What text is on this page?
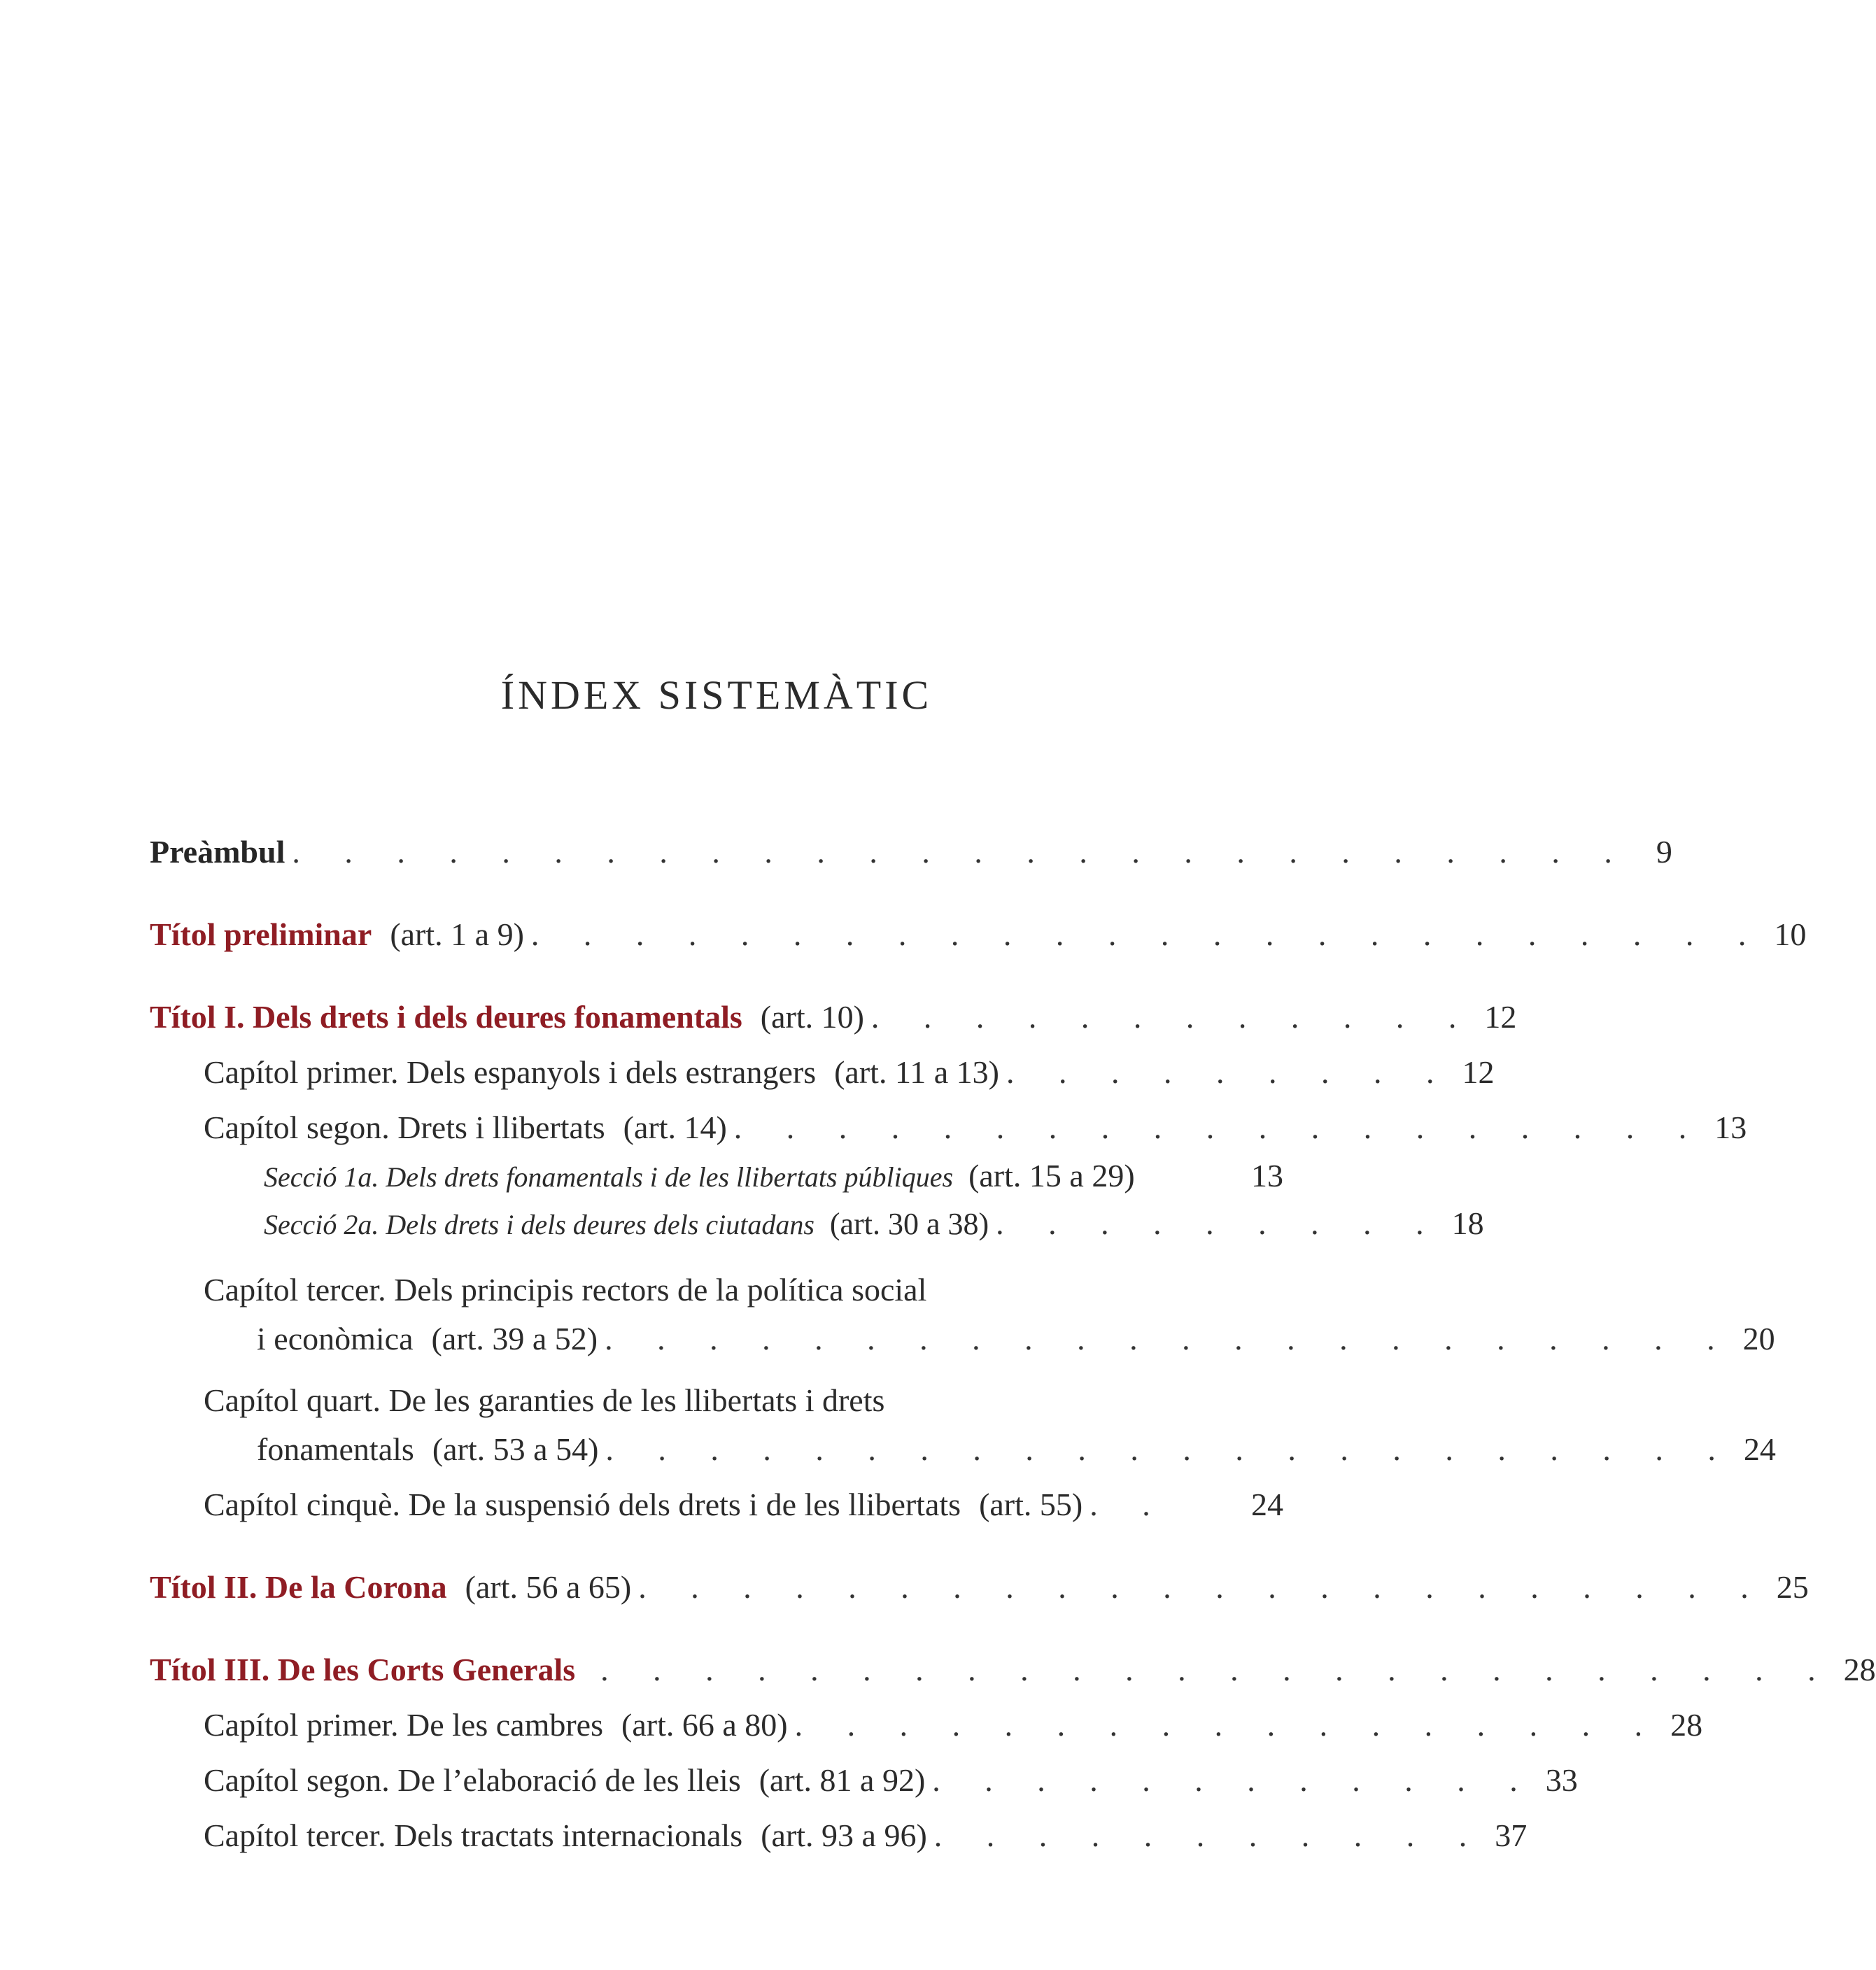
ÍNDEX SISTEMÀTIC
Preàmbul . . . . . . . . . . . . . . . . . . . . . . . . . . 9
Títol preliminar (art. 1 a 9) . . . . . . . . . . . . . . . . . . . . . . . . 10
Títol I. Dels drets i dels deures fonamentals (art. 10) . . . . . . . . . . . . 12
Capítol primer. Dels espanyols i dels estrangers (art. 11 a 13) . . . . . . . . . 12
Capítol segon. Drets i llibertats (art. 14) . . . . . . . . . . . . . . . . . . . 13
Secció 1a. Dels drets fonamentals i de les llibertats públiques (art. 15 a 29)	13
Secció 2a. Dels drets i dels deures dels ciutadans (art. 30 a 38) . . . . . . . . . 18
Capítol tercer. Dels principis rectors de la política social
i econòmica (art. 39 a 52) . . . . . . . . . . . . . . . . . . . . . . 20
Capítol quart. De les garanties de les llibertats i drets
fonamentals (art. 53 a 54) . . . . . . . . . . . . . . . . . . . . . . 24
Capítol cinquè. De la suspensió dels drets i de les llibertats (art. 55) . .	24
Títol II. De la Corona (art. 56 a 65) . . . . . . . . . . . . . . . . . . . . . . 25
Títol III. De les Corts Generals . . . . . . . . . . . . . . . . . . . . . . . . 28
Capítol primer. De les cambres (art. 66 a 80) . . . . . . . . . . . . . . . . . 28
Capítol segon. De l’elaboració de les lleis (art. 81 a 92) . . . . . . . . . . . . 33
Capítol tercer. Dels tractats internacionals (art. 93 a 96) . . . . . . . . . . . 37
